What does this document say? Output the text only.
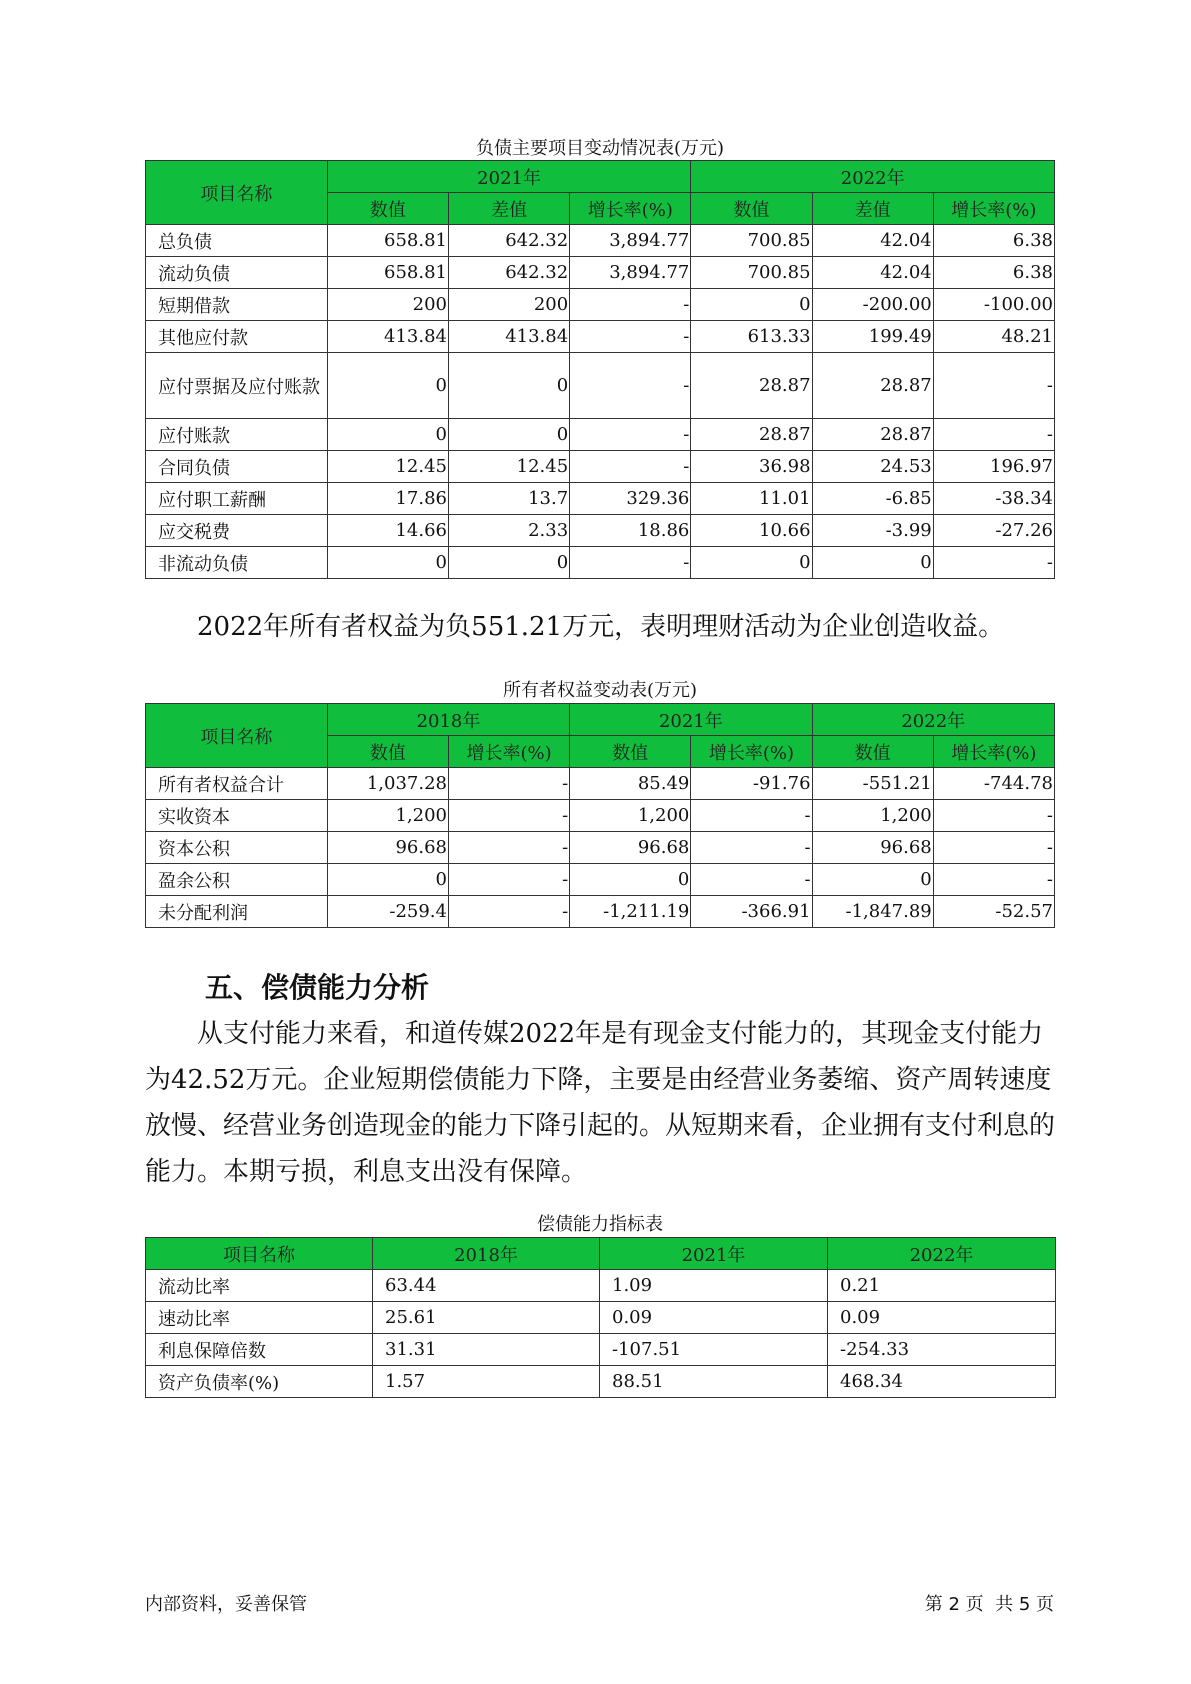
负债主要项目变动情况表(万元)
项目名称	2021年			2022年		
	数值	差值	增长率(%)	数值	差值	增长率(%)
总负债	658.81	642.32	3,894.77	700.85	42.04	6.38
流动负债	658.81	642.32	3,894.77	700.85	42.04	6.38
短期借款	200	200	-	0	-200.00	-100.00
其他应付款	413.84	413.84	-	613.33	199.49	48.21
应付票据及应付账款	0	0	-	28.87	28.87	-
应付账款	0	0	-	28.87	28.87	-
合同负债	12.45	12.45	-	36.98	24.53	196.97
应付职工薪酬	17.86	13.7	329.36	11.01	-6.85	-38.34
应交税费	14.66	2.33	18.86	10.66	-3.99	-27.26
非流动负债	0	0	-	0	0	-
2022年所有者权益为负551.21万元，表明理财活动为企业创造收益。
所有者权益变动表(万元)
项目名称	2018年		2021年		2022年	
	数值	增长率(%)	数值	增长率(%)	数值	增长率(%)
所有者权益合计	1,037.28	-	85.49	-91.76	-551.21	-744.78
实收资本	1,200	-	1,200	-	1,200	-
资本公积	96.68	-	96.68	-	96.68	-
盈余公积	0	-	0	-	0	-
未分配利润	-259.4	-	-1,211.19	-366.91	-1,847.89	-52.57
五、偿债能力分析
从支付能力来看，和道传媒2022年是有现金支付能力的，其现金支付能力为42.52万元。企业短期偿债能力下降，主要是由经营业务萎缩、资产周转速度放慢、经营业务创造现金的能力下降引起的。从短期来看，企业拥有支付利息的能力。本期亏损，利息支出没有保障。
偿债能力指标表
项目名称	2018年	2021年	2022年
流动比率	63.44	1.09	0.21
速动比率	25.61	0.09	0.09
利息保障倍数	31.31	-107.51	-254.33
资产负债率(%)	1.57	88.51	468.34
内部资料，妥善保管	第 2 页  共 5 页
